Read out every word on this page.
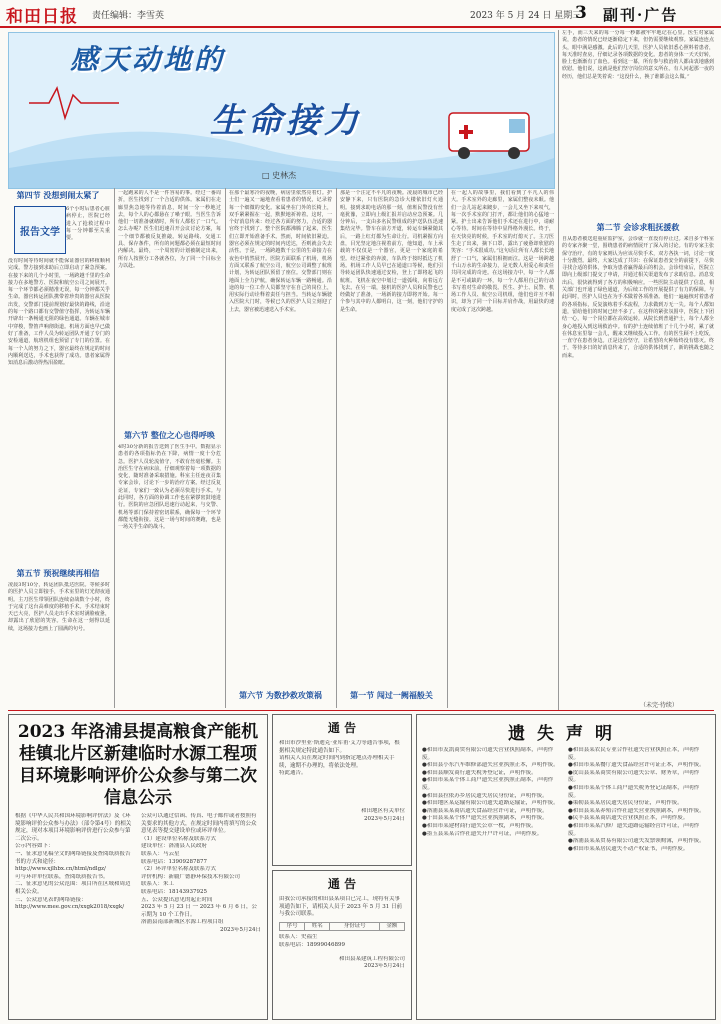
和田日报 责任编辑：李雪英	2023 年 5 月 24 日 星期三
3 副刊·广告
感天动地的
生命接力
□ 史林杰
第四节 没想到闹太紧了
报告文学
6个小时后患者心脏病停止，医院已经进入了抢救过程中每一分钟都至关重要。
没有时间等待时间就不能保证器官的移植顺利完成。警方接到求助后立即启动了紧急预案。在接下来的几个小时里，一场跨越千里的生命接力在多地警方、医院和航空公司之间展开。每一个环节都必须精准无误，每一分钟都关乎生命。器官转运团队携带着珍贵的器官从医院出发，交警部门提前规划好最快的路线，沿途的每一个路口都有交警值守指挥，为转运车辆开辟出一条畅通无阻的绿色通道。车辆在城市中穿梭，警笛声响彻街道。机场方面也早已做好了准备，工作人员为转运团队开通了专门的安检通道，航班机组也预留了专门的位置。在每一个人的努力之下，器官最终在规定的时间内顺利送达，手术也获得了成功。患者家属得知消息后激动得热泪盈眶。
第五节 预祝继续再相信
凌晨3时10分，转运团队抵达医院。等候多时的医护人员立即接手，手术室里的灯光彻夜通明。主刀医生带领团队连续奋战数个小时，终于完成了这台高难度的移植手术。手术结束时天已大亮，医护人员走出手术室时满脸疲惫，却露出了欣慰的笑容。生命在这一刻得以延续，这场接力也画上了圆满的句号。
一起跑来的人不是一件容易的事。经过一番周折，医生找到了一个合适的供体。家属们在走廊里焦急地等待着消息，时间一分一秒地过去，每个人的心都悬在了嗓子眼。当医生告诉他们一切准备就绪时，所有人都松了一口气。怎么办呢？医生们迅速召开会议讨论方案，每一个细节都被反复推敲。转运路线、交通工具、保存条件，所有的问题都必须在最短时间内解决。最终，一个周密的计划被制定出来，所有人按照分工各就各位，为了同一个目标全力以赴。
第六节 整位之心也得呼唤
4时30分新的报告送到了医生手中。数据显示患者的各项指标仍在下降，病情一度十分危急。医护人员轮流值守，不敢有丝毫松懈。主治医生守在病床前，仔细观察着每一项数据的变化，随时准备采取措施。科室主任连夜召集专家会诊，讨论下一步的治疗方案。经过反复论证，专家们一致认为必须尽快进行手术。与此同时，各方面的协调工作也在紧锣密鼓地进行。医院的应急团队迅速行动起来，与交警、机场等部门保持着密切联系，确保每一个环节都能无缝衔接。这是一场与时间的赛跑，也是一场关乎生命的战斗。
在那个最寒冷的夜晚，病房里依然亮着灯。护士们一遍又一遍地查看着患者的情况，记录着每一个细微的变化。家属坐在门外的长椅上，双手紧紧握在一起，默默地祈祷着。这时，一个好消息传来：经过各方面的努力，合适的器官终于找到了。整个医院都沸腾了起来，医生们立即开始准备手术。然而，时间依旧紧迫。器官必须在规定的时间内送达，否则就会失去活性。于是，一场跨越数千公里的生命接力在夜色中悄然展开。医院方面联系了机场，机场方面又联系了航空公司，航空公司调整了航班计划，为转运团队预留了座位。交警部门则在地面上全力护航，确保转运车辆一路畅通。沿途的每一位工作人员都坚守在自己的岗位上，用实际行动诠释着责任与担当。当转运车辆驶入医院大门时，等候已久的医护人员立刻迎了上去，器官被迅速送入手术室。
第六节 为数抄救攻策祸
那是一个注定不平凡的夜晚。凌晨的城市已经安静下来，只有医院的急诊大楼依旧灯火通明。接到求助电话的那一刻，值班民警没有丝毫犹豫，立即向上级汇报并启动应急预案。几分钟后，一支由多名民警组成的护送队伍迅速集结完毕。警车在前方开道，转运车辆紧随其后，一路上红灯都为生命让行。司机紧握方向盘，目光坚定地注视着前方，他知道，车上承载的不仅仅是一个器官，更是一个家庭的希望。经过紧张的奔波，车队终于按时抵达了机场。机场工作人员早已在通道口等候，他们引导转运团队快速通过安检，登上了即将起飞的航班。飞机在夜空中划过一道弧线，向着远方飞去。在另一端，接机的医护人员和民警也已经做好了准备，一场新的接力即将开始。每一个参与其中的人都明白，这一刻，他们守护的是生命。
第一节 闯过一阙福般关
在一起人的故事里，我们看到了平凡人的伟大。手术室外的走廊里，家属们整夜未眠。他们一会儿站起来踱步，一会儿又坐下来叹气，每一次手术室的门打开，都让他们的心猛地一紧。护士出来告诉他们手术还在进行中，请耐心等待。时间在等待中显得格外漫长。终于，在天快亮的时候，手术室的灯熄灭了。主刀医生走了出来，摘下口罩，露出了疲惫却欣慰的笑容：“手术很成功。”这句话让所有人都长长地舒了一口气，家属们相拥而泣。这是一场跨越千山万水的生命接力，是无数人用爱心和责任共同完成的奇迹。在这场接力中，每一个人都是不可或缺的一环，每一个人都用自己的行动书写着对生命的敬畏。医生、护士、民警、机场工作人员、航空公司机组，他们也许互不相识，却为了同一个目标并肩作战，用最快的速度完成了这次跨越。
左手，而三天来的每一分每一秒都被牢牢地记在心里。医生对家属说，患者的情况已经逐渐稳定下来，但仍需要继续观察。家属连连点头，眼中满是感激。此后的几天里，医护人员依旧悉心照料着患者，每天准时查房，仔细记录各项数据的变化。患者的身体一天天好转，脸上也渐渐有了血色。看到这一幕，所有参与救治的人都由衷地感到欣慰。他们说，这就是他们坚守岗位的意义所在。有人问起那一夜的经历，他们总是笑着说：“这没什么，换了谁都会这么做。”
第二节 会诊求粗抚援救
自从患者被送进重症监护室，会诊就一直没有停止过。来自多个科室的专家齐聚一堂，围绕患者的病情展开了深入的讨论。有的专家主张保守治疗，有的专家则认为应该尽快手术，双方各执一词，讨论一度十分激烈。最终，大家达成了共识：在保证患者安全的前提下，尽快寻找合适的供体，争取为患者赢得最后的机会。会诊结束后，医院立即向上级部门提交了申请，并通过相关渠道发布了求助信息。消息发出后，很快就得到了各方的积极响应。一些医院主动提供了信息，相关部门也开通了绿色通道，为后续工作的开展提供了有力的保障。与此同时，医护人员也在为手术做着各项准备。他们一遍遍核对着患者的各项指标，反复演练着手术流程，力求做到万无一失。每个人都知道，留给他们的时间已经不多了。在这样的紧张氛围中，医院上下团结一心，每一个岗位都在高效运转。从院长到普通护士，每个人都全身心地投入到这场救治中。有的护士连续值班了十几个小时，累了就在休息室里靠一会儿，醒来又继续投入工作。有的医生顾不上吃饭，一直守在患者身边。正是这份坚守，让希望的火种始终没有熄灭。终于，等待多日的好消息传来了，合适的供体找到了，新的挑战也随之而来。
（未完·待续）
2023 年洛浦县提高粮食产能机桂镇北片区新建临时水源工程项目环境影响评价公众参与第二次信息公示
根据《中华人民共和国环境影响评价法》及《环境影响评价公众参与办法》（部令第4号）的相关规定，现对本项目环境影响评价进行公众参与第二次公示。
公示内容如下：
一、征求意见稿全文的网络链接及查阅纸质报告书的方式和途径：
http://www.xjlhbx.cn/html/ndlgz/
可与环评单位联系，查阅纸质报告书。
二、征求意见的公众范围：项目所在区域和周边相关公众。
三、公众意见表的网络链接：
http://www.mee.gov.cn/xxgk2018/xxgk/
公众可以通过信函、传真、电子邮件或者按照有关要求的其他方式，在规定时间内将填写的公众意见表等提交建设单位或环评单位。
（1）建设单位名称及联系方式
建设单位：洛浦县人民政府
联系人：马云星
联系电话：13909287877
（2）环评单位名称及联系方式
评价机构：新疆广德静环保技术有限公司
联系人：朱工
联系电话：18143937925
五、公众提出意见的起止时间
2023 年 5 月 23 日 一 2023 年 6 月 6 日，公示期为 10 个工作日。
洛浦县南部新城区水源工程项目组
2023年5月24日
通 告
和田市沙里亚·斯迪克·亚库甫·艾力等通告事项，根据相关规定特此通告如下。
请相关人员在规定时间内到指定地点办理相关手续，逾期不办理的，将依法处理。
特此通告。
和田地区有关单位
2023年5月24日
通 告
由我公司承接的和田县某项目已完工，现将有关事项通告如下，请相关人员于 2023 年 5 月 31 日前与我公司联系。
序号	姓名	身份证号	金额
联系人：史福生
联系电话：18999046899
和田县某建筑工程有限公司
2023年5月24日
遗失声明
●和田市友凯商贸有限公司遗失营业执照副本，声明作废。
●和田县小东汽车维修部遗失营业执照正本，声明作废。
●和田县顺发商行遗失税务登记证，声明作废。
●和田市某某个体工商户遗失营业执照正副本，声明作废。
●和田县拉依苏乡居民遗失居民身份证，声明作废。
●和田地区某运输有限公司遗失道路运输证，声明作废。
●洛浦县某某商店遗失食品经营许可证，声明作废。
●于田县某某个体户遗失营业执照副本，声明作废。
●和田市某建材商行遗失公章一枚，声明作废。
●墨玉县某某合作社遗失开户许可证，声明作废。
●和田县某农民专业合作社遗失营业执照正本，声明作废。
●和田市某某餐厅遗失食品经营许可证正本，声明作废。
●皮山县某某商贸有限公司遗失公章、财务章，声明作废。
●和田市某某个体工商户遗失税务登记证副本，声明作废。
●策勒县某某居民遗失居民身份证，声明作废。
●和田县某某养殖合作社遗失营业执照副本，声明作废。
●民丰县某某商店遗失营业执照正本，声明作废。
●和田市某某汽修厂遗失道路运输经营许可证，声明作废。
●洛浦县某某贸易有限公司遗失发票领购簿，声明作废。
●和田市某某居民遗失不动产权证书，声明作废。
